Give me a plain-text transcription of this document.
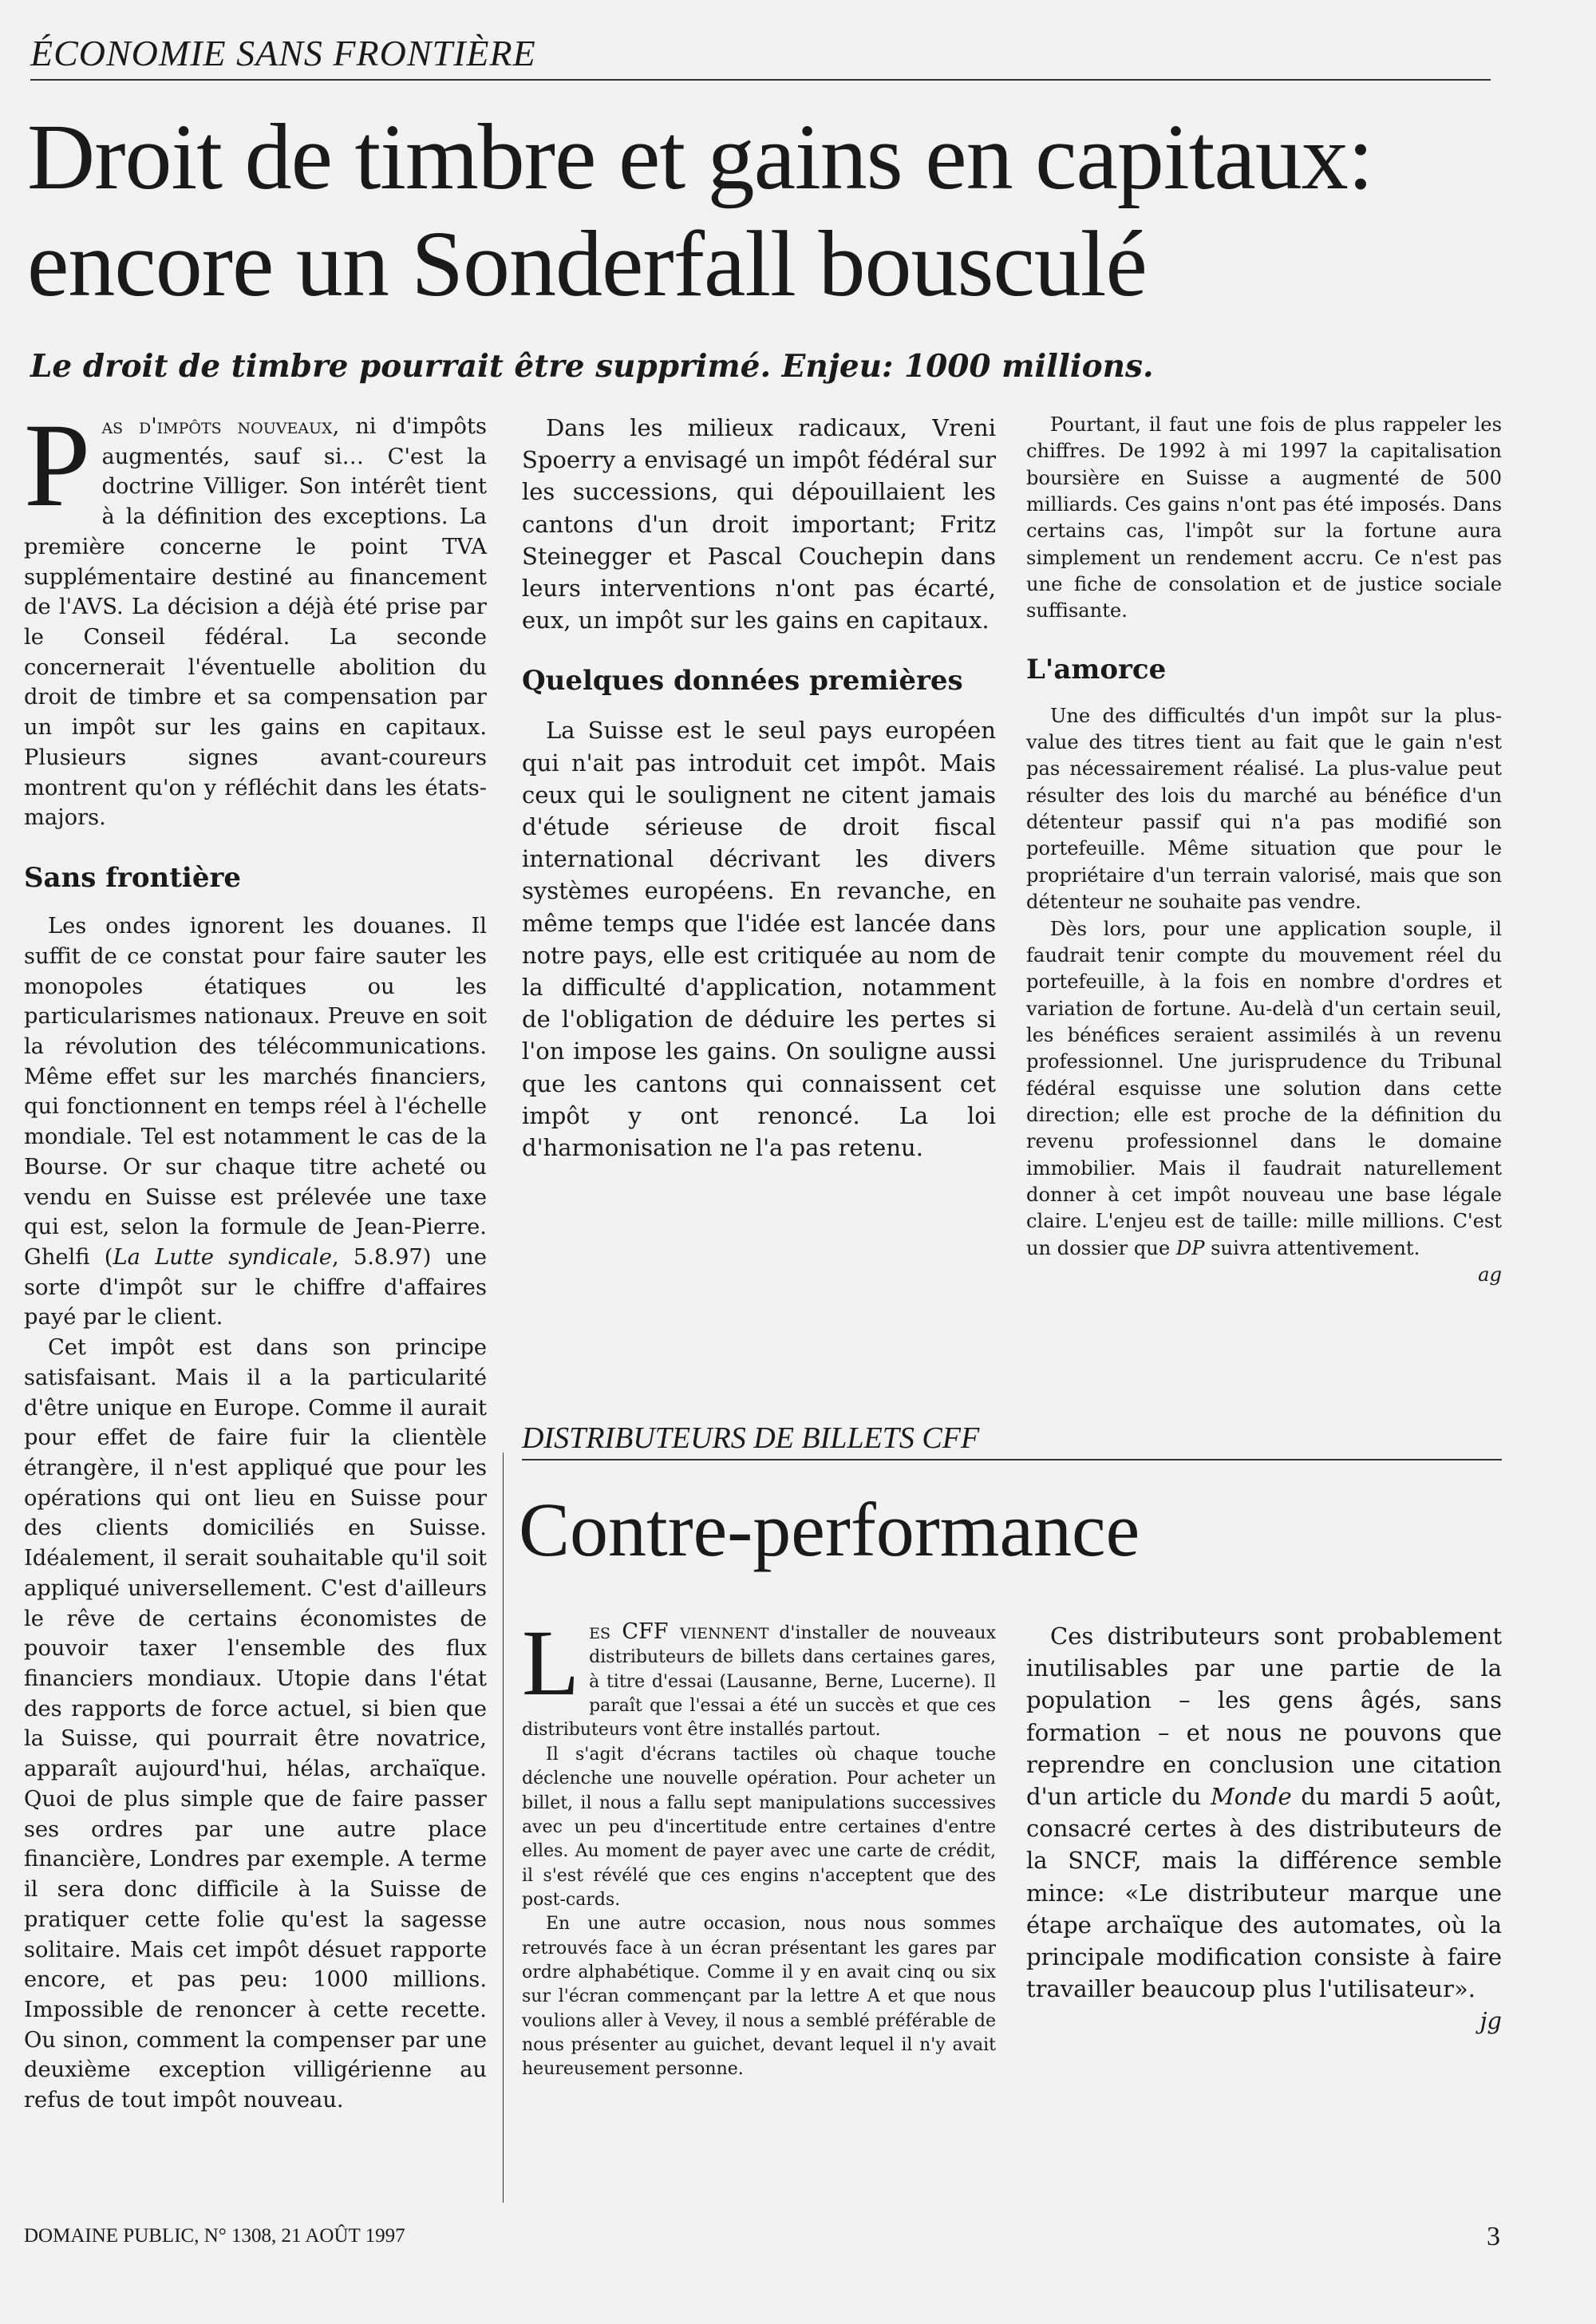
ÉCONOMIE SANS FRONTIÈRE

Droit de timbre et gains en capitaux:
encore un Sonderfall bousculé

Le droit de timbre pourrait être supprimé. Enjeu: 1000 millions.

Pas d'impôts nouveaux, ni d'impôts augmentés, sauf si… C'est la doctrine Villiger. Son intérêt tient à la définition des exceptions. La première concerne le point TVA supplémentaire destiné au financement de l'AVS. La décision a déjà été prise par le Conseil fédéral. La seconde concernerait l'éventuelle abolition du droit de timbre et sa compensation par un impôt sur les gains en capitaux. Plusieurs signes avant-coureurs montrent qu'on y réfléchit dans les états-majors.

Sans frontière

Les ondes ignorent les douanes. Il suffit de ce constat pour faire sauter les monopoles étatiques ou les particularismes nationaux. Preuve en soit la révolution des télécommunications. Même effet sur les marchés financiers, qui fonctionnent en temps réel à l'échelle mondiale. Tel est notamment le cas de la Bourse. Or sur chaque titre acheté ou vendu en Suisse est prélevée une taxe qui est, selon la formule de Jean-Pierre. Ghelfi (La Lutte syndicale, 5.8.97) une sorte d'impôt sur le chiffre d'affaires payé par le client.

Cet impôt est dans son principe satisfaisant. Mais il a la particularité d'être unique en Europe. Comme il aurait pour effet de faire fuir la clientèle étrangère, il n'est appliqué que pour les opérations qui ont lieu en Suisse pour des clients domiciliés en Suisse. Idéalement, il serait souhaitable qu'il soit appliqué universellement. C'est d'ailleurs le rêve de certains économistes de pouvoir taxer l'ensemble des flux financiers mondiaux. Utopie dans l'état des rapports de force actuel, si bien que la Suisse, qui pourrait être novatrice, apparaît aujourd'hui, hélas, archaïque. Quoi de plus simple que de faire passer ses ordres par une autre place financière, Londres par exemple. A terme il sera donc difficile à la Suisse de pratiquer cette folie qu'est la sagesse solitaire. Mais cet impôt désuet rapporte encore, et pas peu: 1000 millions. Impossible de renoncer à cette recette. Ou sinon, comment la compenser par une deuxième exception villigérienne au refus de tout impôt nouveau.

Dans les milieux radicaux, Vreni Spoerry a envisagé un impôt fédéral sur les successions, qui dépouillaient les cantons d'un droit important; Fritz Steinegger et Pascal Couchepin dans leurs interventions n'ont pas écarté, eux, un impôt sur les gains en capitaux.

Quelques données premières

La Suisse est le seul pays européen qui n'ait pas introduit cet impôt. Mais ceux qui le soulignent ne citent jamais d'étude sérieuse de droit fiscal international décrivant les divers systèmes européens. En revanche, en même temps que l'idée est lancée dans notre pays, elle est critiquée au nom de la difficulté d'application, notamment de l'obligation de déduire les pertes si l'on impose les gains. On souligne aussi que les cantons qui connaissent cet impôt y ont renoncé. La loi d'harmonisation ne l'a pas retenu.

Pourtant, il faut une fois de plus rappeler les chiffres. De 1992 à mi 1997 la capitalisation boursière en Suisse a augmenté de 500 milliards. Ces gains n'ont pas été imposés. Dans certains cas, l'impôt sur la fortune aura simplement un rendement accru. Ce n'est pas une fiche de consolation et de justice sociale suffisante.

L'amorce

Une des difficultés d'un impôt sur la plus-value des titres tient au fait que le gain n'est pas nécessairement réalisé. La plus-value peut résulter des lois du marché au bénéfice d'un détenteur passif qui n'a pas modifié son portefeuille. Même situation que pour le propriétaire d'un terrain valorisé, mais que son détenteur ne souhaite pas vendre.

Dès lors, pour une application souple, il faudrait tenir compte du mouvement réel du portefeuille, à la fois en nombre d'ordres et variation de fortune. Au-delà d'un certain seuil, les bénéfices seraient assimilés à un revenu professionnel. Une jurisprudence du Tribunal fédéral esquisse une solution dans cette direction; elle est proche de la définition du revenu professionnel dans le domaine immobilier. Mais il faudrait naturellement donner à cet impôt nouveau une base légale claire. L'enjeu est de taille: mille millions. C'est un dossier que DP suivra attentivement.

ag

DISTRIBUTEURS DE BILLETS CFF

Contre-performance

Les CFF viennent d'installer de nouveaux distributeurs de billets dans certaines gares, à titre d'essai (Lausanne, Berne, Lucerne). Il paraît que l'essai a été un succès et que ces distributeurs vont être installés partout.

Il s'agit d'écrans tactiles où chaque touche déclenche une nouvelle opération. Pour acheter un billet, il nous a fallu sept manipulations successives avec un peu d'incertitude entre certaines d'entre elles. Au moment de payer avec une carte de crédit, il s'est révélé que ces engins n'acceptent que des post-cards.

En une autre occasion, nous nous sommes retrouvés face à un écran présentant les gares par ordre alphabétique. Comme il y en avait cinq ou six sur l'écran commençant par la lettre A et que nous voulions aller à Vevey, il nous a semblé préférable de nous présenter au guichet, devant lequel il n'y avait heureusement personne.

Ces distributeurs sont probablement inutilisables par une partie de la population – les gens âgés, sans formation – et nous ne pouvons que reprendre en conclusion une citation d'un article du Monde du mardi 5 août, consacré certes à des distributeurs de la SNCF, mais la différence semble mince: «Le distributeur marque une étape archaïque des automates, où la principale modification consiste à faire travailler beaucoup plus l'utilisateur».

jg

DOMAINE PUBLIC, N° 1308, 21 AOÛT 1997	3
